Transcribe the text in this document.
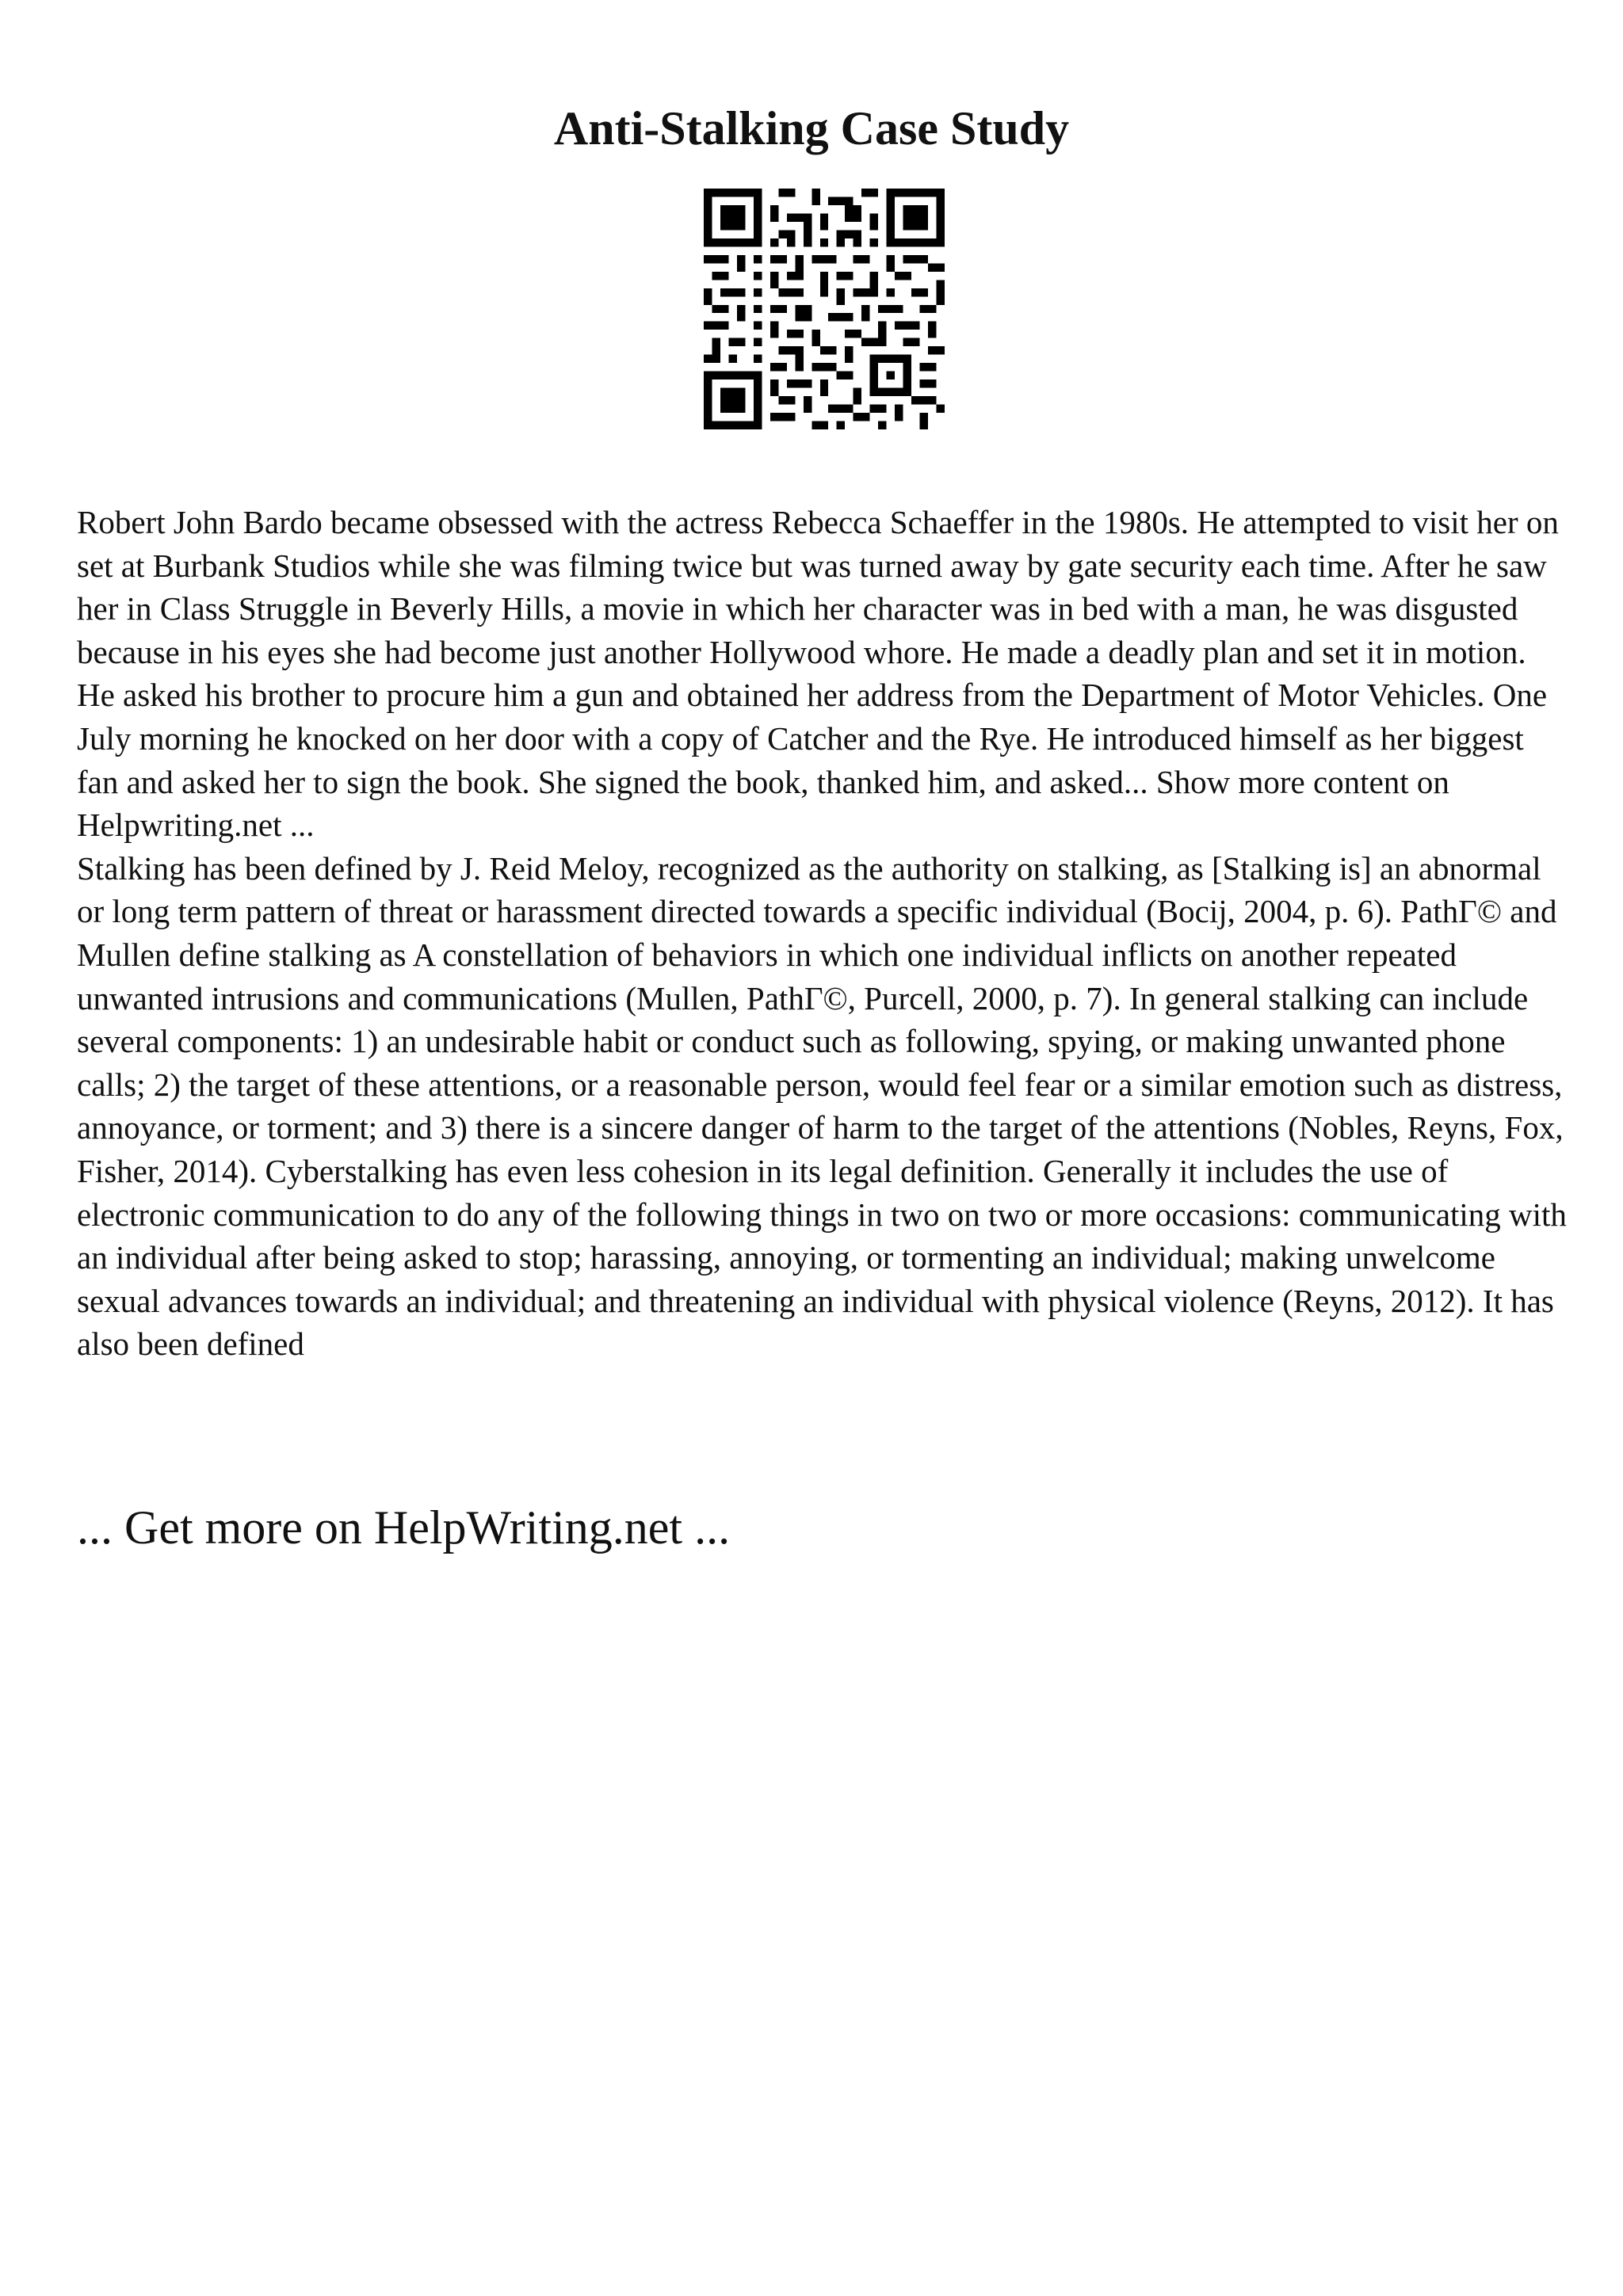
Anti-Stalking Case Study

Robert John Bardo became obsessed with the actress Rebecca Schaeffer in the 1980s. He attempted to visit her on set at Burbank Studios while she was filming twice but was turned away by gate security each time. After he saw her in Class Struggle in Beverly Hills, a movie in which her character was in bed with a man, he was disgusted because in his eyes she had become just another Hollywood whore. He made a deadly plan and set it in motion. He asked his brother to procure him a gun and obtained her address from the Department of Motor Vehicles. One July morning he knocked on her door with a copy of Catcher and the Rye. He introduced himself as her biggest fan and asked her to sign the book. She signed the book, thanked him, and asked... Show more content on Helpwriting.net ...

Stalking has been defined by J. Reid Meloy, recognized as the authority on stalking, as [Stalking is] an abnormal or long term pattern of threat or harassment directed towards a specific individual (Bocij, 2004, p. 6). PathΓ© and Mullen define stalking as A constellation of behaviors in which one individual inflicts on another repeated unwanted intrusions and communications (Mullen, PathΓ©, Purcell, 2000, p. 7). In general stalking can include several components: 1) an undesirable habit or conduct such as following, spying, or making unwanted phone calls; 2) the target of these attentions, or a reasonable person, would feel fear or a similar emotion such as distress, annoyance, or torment; and 3) there is a sincere danger of harm to the target of the attentions (Nobles, Reyns, Fox, Fisher, 2014). Cyberstalking has even less cohesion in its legal definition. Generally it includes the use of electronic communication to do any of the following things in two on two or more occasions: communicating with an individual after being asked to stop; harassing, annoying, or tormenting an individual; making unwelcome sexual advances towards an individual; and threatening an individual with physical violence (Reyns, 2012). It has also been defined

... Get more on HelpWriting.net ...
